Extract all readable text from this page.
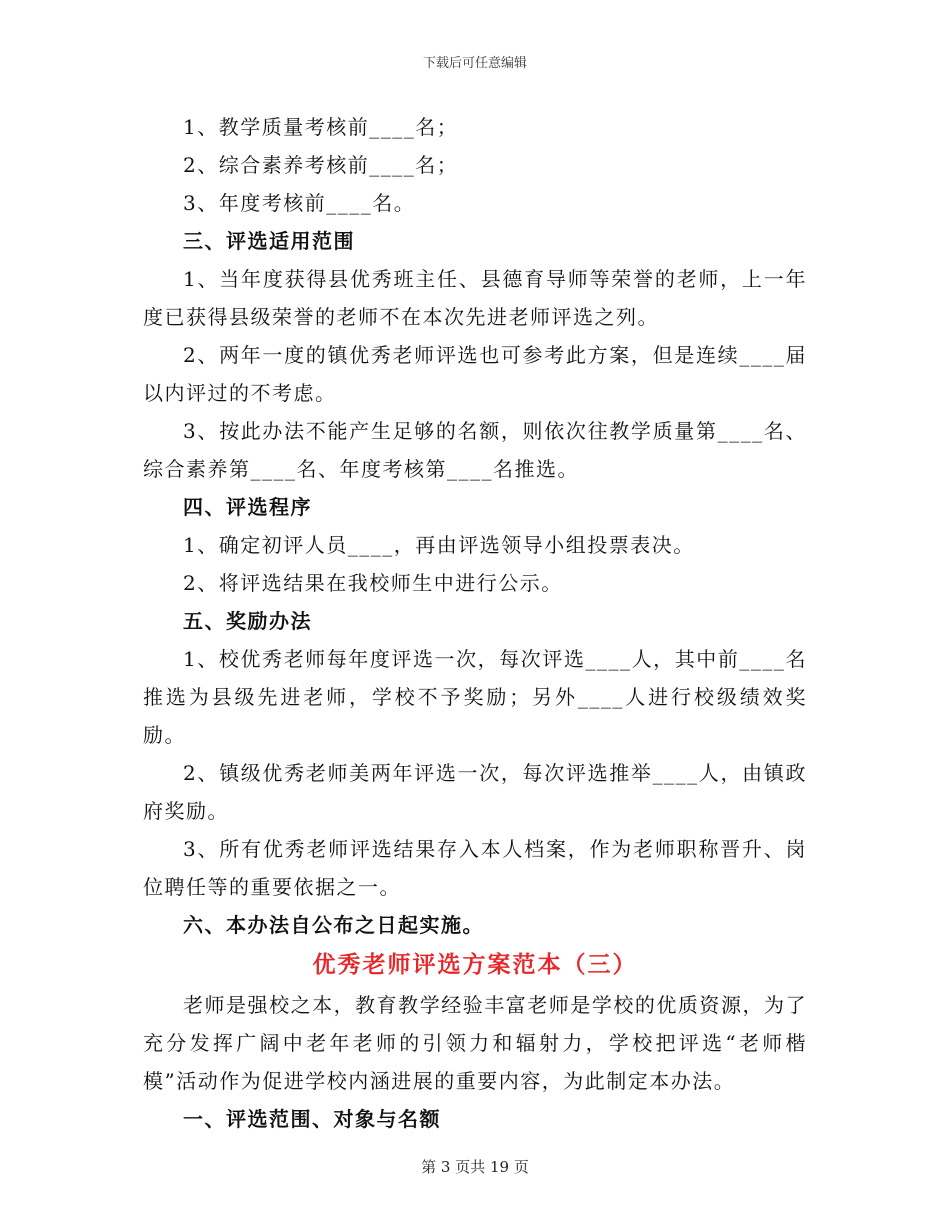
下载后可任意编辑

1、教学质量考核前____名；

2、综合素养考核前____名；

3、年度考核前____名。

三、评选适用范围

1、当年度获得县优秀班主任、县德育导师等荣誉的老师，上一年度已获得县级荣誉的老师不在本次先进老师评选之列。

2、两年一度的镇优秀老师评选也可参考此方案，但是连续____届以内评过的不考虑。

3、按此办法不能产生足够的名额，则依次往教学质量第____名、综合素养第____名、年度考核第____名推选。

四、评选程序

1、确定初评人员____，再由评选领导小组投票表决。

2、将评选结果在我校师生中进行公示。

五、奖励办法

1、校优秀老师每年度评选一次，每次评选____人，其中前____名推选为县级先进老师，学校不予奖励；另外____人进行校级绩效奖励。

2、镇级优秀老师美两年评选一次，每次评选推举____人，由镇政府奖励。

3、所有优秀老师评选结果存入本人档案，作为老师职称晋升、岗位聘任等的重要依据之一。

六、本办法自公布之日起实施。

优秀老师评选方案范本（三）

老师是强校之本，教育教学经验丰富老师是学校的优质资源，为了充分发挥广阔中老年老师的引领力和辐射力，学校把评选“老师楷模”活动作为促进学校内涵进展的重要内容，为此制定本办法。

一、评选范围、对象与名额

第 3 页共 19 页
